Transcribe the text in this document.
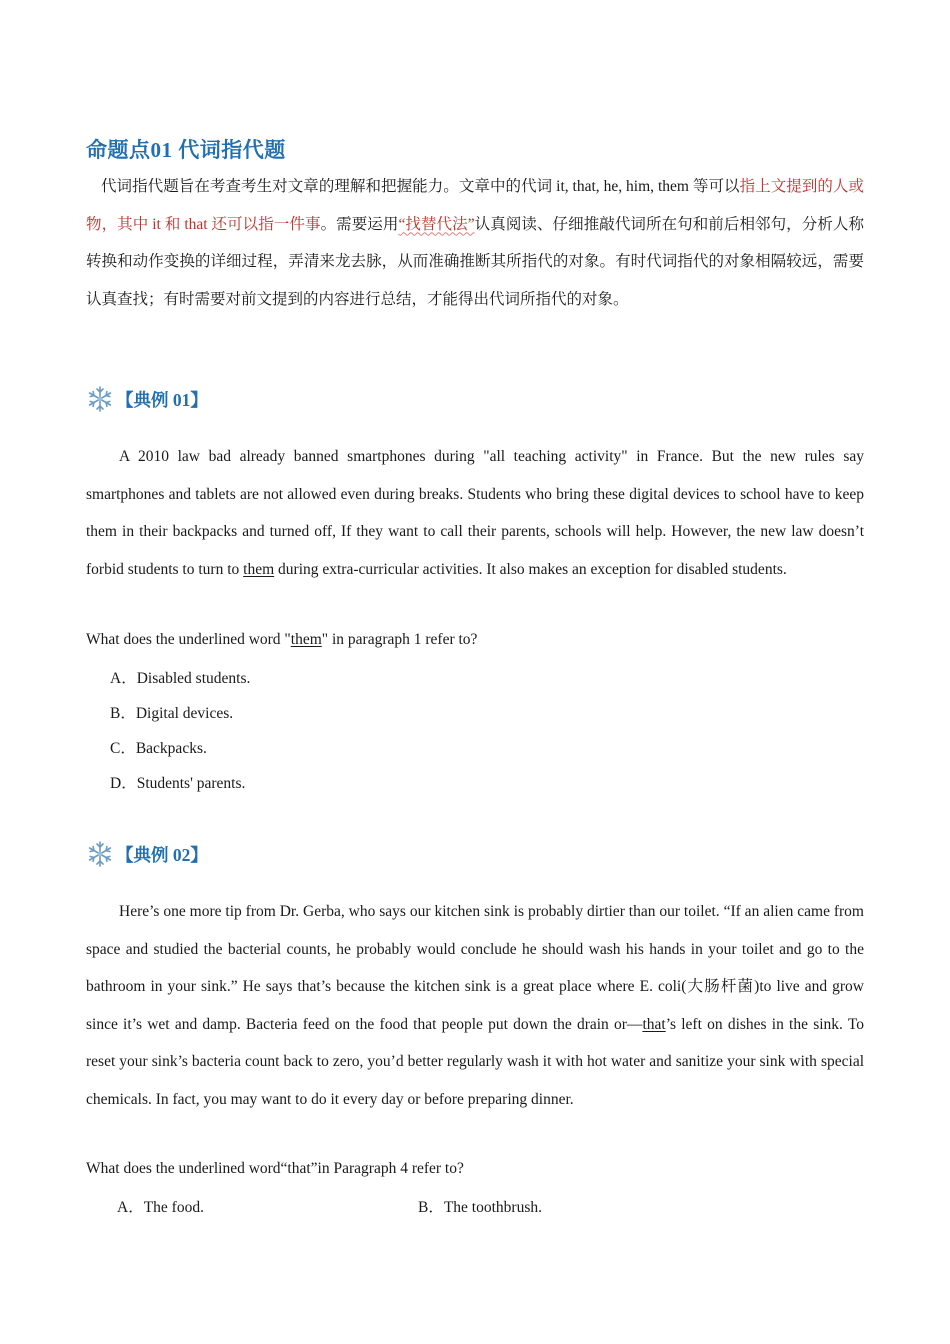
命题点01 代词指代题
代词指代题旨在考查考生对文章的理解和把握能力。文章中的代词 it, that, he, him, them 等可以指上文提到的人或物，其中 it 和 that 还可以指一件事。需要运用“找替代法”认真阅读、仔细推敲代词所在句和前后相邻句，分析人称转换和动作变换的详细过程，弄清来龙去脉，从而准确推断其所指代的对象。有时代词指代的对象相隔较远，需要认真查找；有时需要对前文提到的内容进行总结，才能得出代词所指代的对象。
【典例 01】
A 2010 law bad already banned smartphones during "all teaching activity" in France. But the new rules say smartphones and tablets are not allowed even during breaks. Students who bring these digital devices to school have to keep them in their backpacks and turned off, If they want to call their parents, schools will help. However, the new law doesn’t forbid students to turn to them during extra-curricular activities. It also makes an exception for disabled students.
What does the underlined word "them" in paragraph 1 refer to?
A．Disabled students.
B．Digital devices.
C．Backpacks.
D．Students' parents.
【典例 02】
Here’s one more tip from Dr. Gerba, who says our kitchen sink is probably dirtier than our toilet. “If an alien came from space and studied the bacterial counts, he probably would conclude he should wash his hands in your toilet and go to the bathroom in your sink.” He says that’s because the kitchen sink is a great place where E. coli(大肠杆菌)to live and grow since it’s wet and damp. Bacteria feed on the food that people put down the drain or—that’s left on dishes in the sink. To reset your sink’s bacteria count back to zero, you’d better regularly wash it with hot water and sanitize your sink with special chemicals. In fact, you may want to do it every day or before preparing dinner.
What does the underlined word“that”in Paragraph 4 refer to?
A．The food.	B．The toothbrush.
